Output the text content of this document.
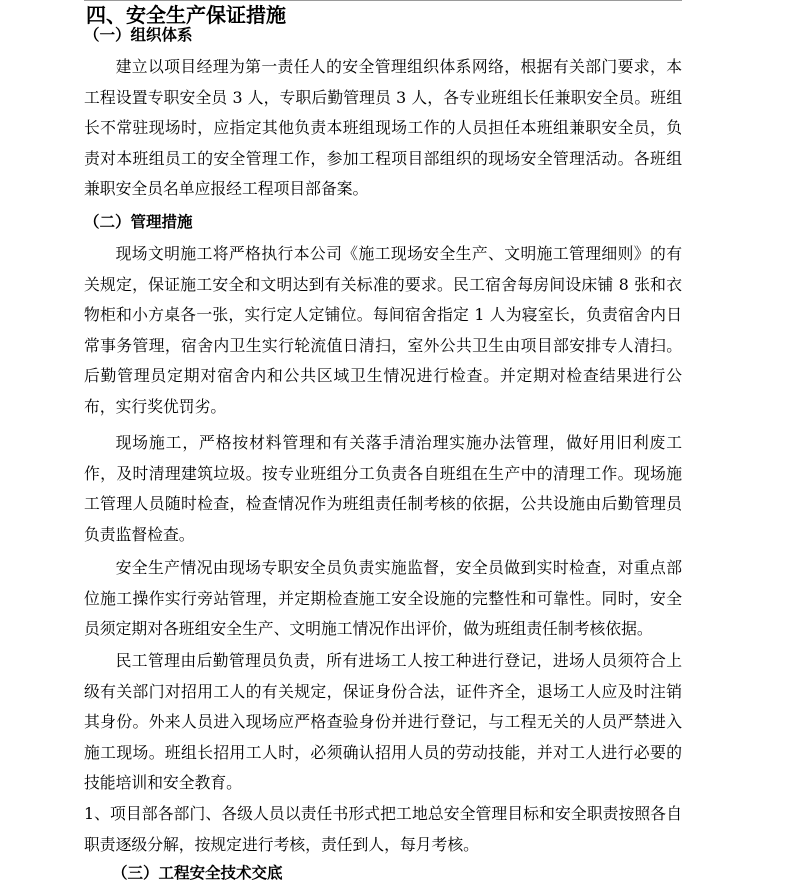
四、安全生产保证措施
（一）组织体系

建立以项目经理为第一责任人的安全管理组织体系网络，根据有关部门要求，本工程设置专职安全员 3 人，专职后勤管理员 3 人，各专业班组长任兼职安全员。班组长不常驻现场时，应指定其他负责本班组现场工作的人员担任本班组兼职安全员，负责对本班组员工的安全管理工作，参加工程项目部组织的现场安全管理活动。各班组兼职安全员名单应报经工程项目部备案。

（二）管理措施

现场文明施工将严格执行本公司《施工现场安全生产、文明施工管理细则》的有关规定，保证施工安全和文明达到有关标准的要求。民工宿舍每房间设床铺 8 张和衣物柜和小方桌各一张，实行定人定铺位。每间宿舍指定 1 人为寝室长，负责宿舍内日常事务管理，宿舍内卫生实行轮流值日清扫，室外公共卫生由项目部安排专人清扫。后勤管理员定期对宿舍内和公共区域卫生情况进行检查。并定期对检查结果进行公布，实行奖优罚劣。

现场施工，严格按材料管理和有关落手清治理实施办法管理，做好用旧利废工作，及时清理建筑垃圾。按专业班组分工负责各自班组在生产中的清理工作。现场施工管理人员随时检查，检查情况作为班组责任制考核的依据，公共设施由后勤管理员负责监督检查。

安全生产情况由现场专职安全员负责实施监督，安全员做到实时检查，对重点部位施工操作实行旁站管理，并定期检查施工安全设施的完整性和可靠性。同时，安全员须定期对各班组安全生产、文明施工情况作出评价，做为班组责任制考核依据。

民工管理由后勤管理员负责，所有进场工人按工种进行登记，进场人员须符合上级有关部门对招用工人的有关规定，保证身份合法，证件齐全，退场工人应及时注销其身份。外来人员进入现场应严格查验身份并进行登记，与工程无关的人员严禁进入施工现场。班组长招用工人时，必须确认招用人员的劳动技能，并对工人进行必要的技能培训和安全教育。

1、项目部各部门、各级人员以责任书形式把工地总安全管理目标和安全职责按照各自职责逐级分解，按规定进行考核，责任到人，每月考核。

（三）工程安全技术交底
